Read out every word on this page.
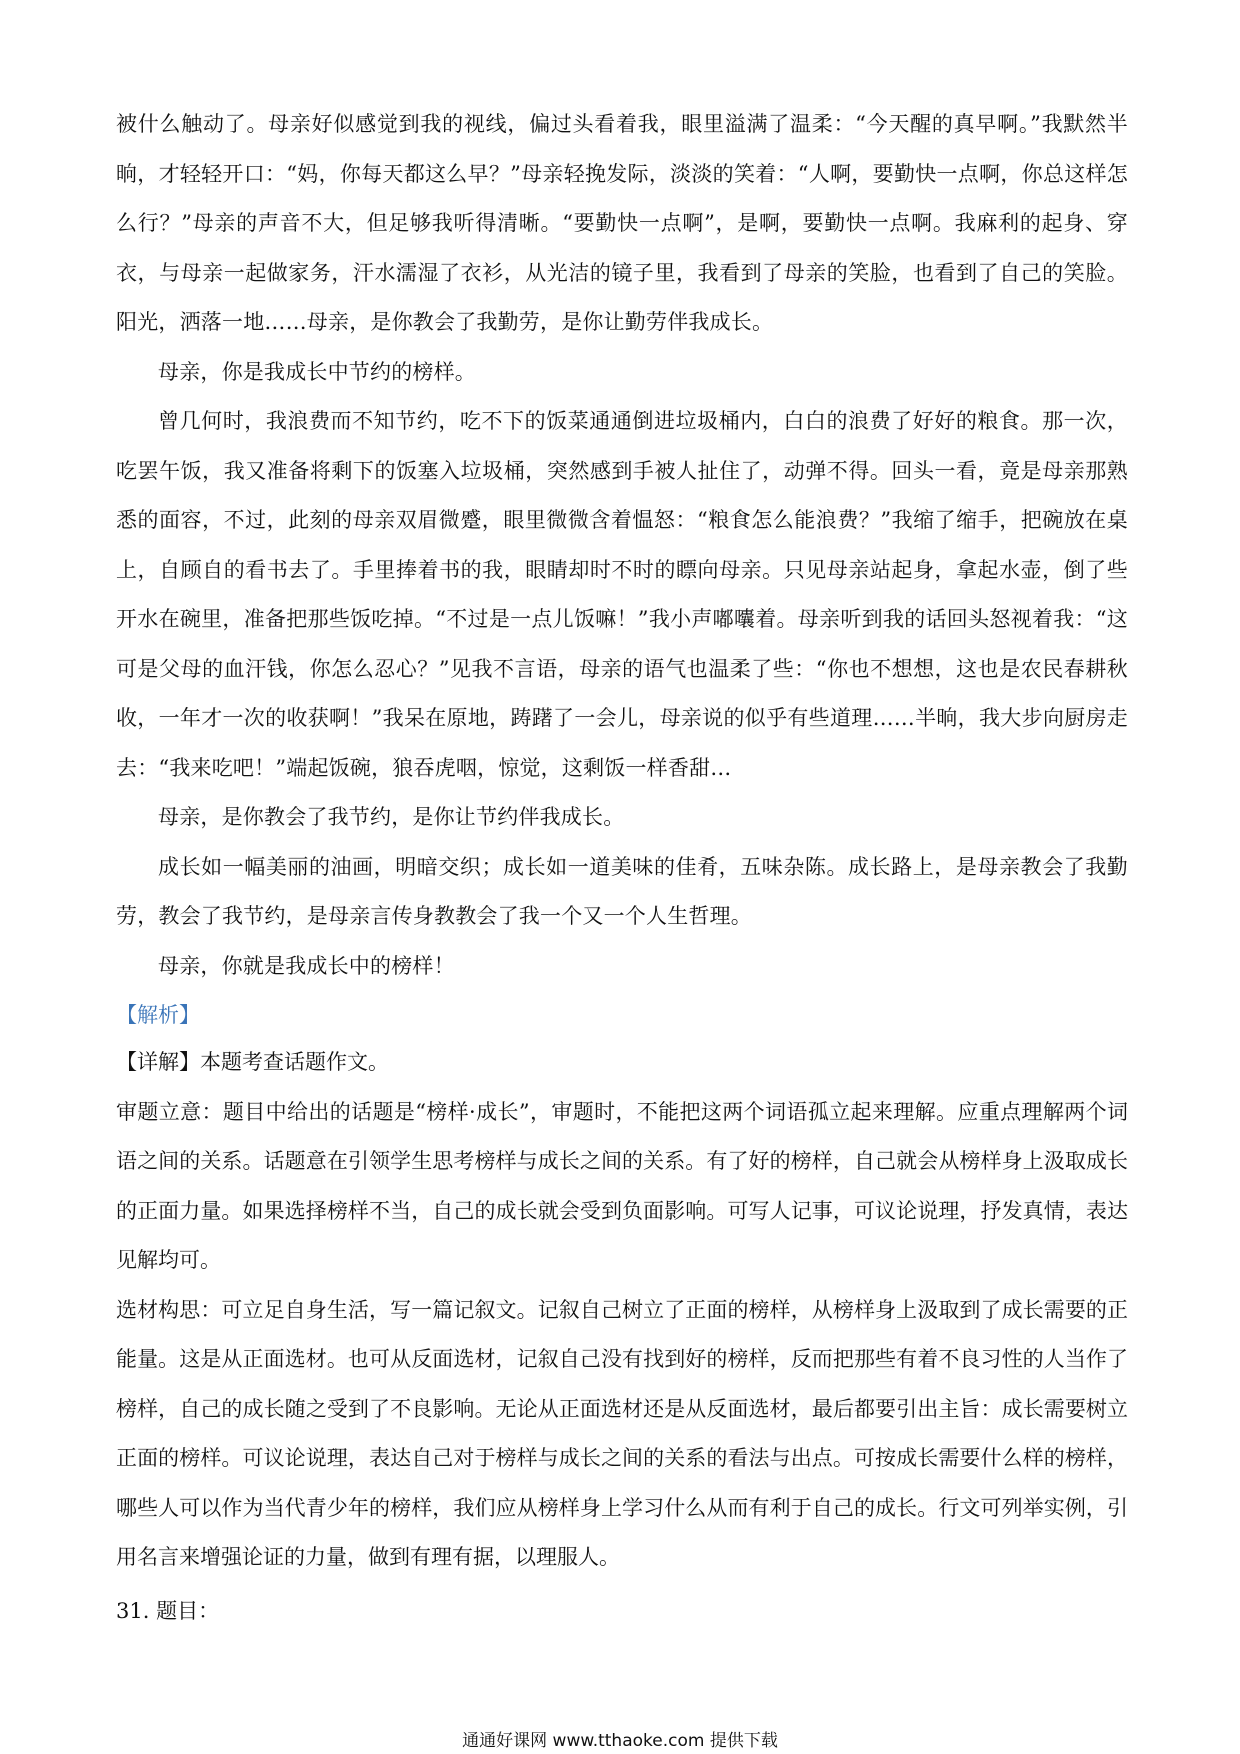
被什么触动了。母亲好似感觉到我的视线，偏过头看着我，眼里溢满了温柔：“今天醒的真早啊。”我默然半晌，才轻轻开口：“妈，你每天都这么早？”母亲轻挽发际，淡淡的笑着：“人啊，要勤快一点啊，你总这样怎么行？”母亲的声音不大，但足够我听得清晰。“要勤快一点啊”，是啊，要勤快一点啊。我麻利的起身、穿衣，与母亲一起做家务，汗水濡湿了衣衫，从光洁的镜子里，我看到了母亲的笑脸，也看到了自己的笑脸。阳光，洒落一地……母亲，是你教会了我勤劳，是你让勤劳伴我成长。

母亲，你是我成长中节约的榜样。

曾几何时，我浪费而不知节约，吃不下的饭菜通通倒进垃圾桶内，白白的浪费了好好的粮食。那一次，吃罢午饭，我又准备将剩下的饭塞入垃圾桶，突然感到手被人扯住了，动弹不得。回头一看，竟是母亲那熟悉的面容，不过，此刻的母亲双眉微蹙，眼里微微含着愠怒：“粮食怎么能浪费？”我缩了缩手，把碗放在桌上，自顾自的看书去了。手里捧着书的我，眼睛却时不时的瞟向母亲。只见母亲站起身，拿起水壶，倒了些开水在碗里，准备把那些饭吃掉。“不过是一点儿饭嘛！”我小声嘟囔着。母亲听到我的话回头怒视着我：“这可是父母的血汗钱，你怎么忍心？”见我不言语，母亲的语气也温柔了些：“你也不想想，这也是农民春耕秋收，一年才一次的收获啊！”我呆在原地，踌躇了一会儿，母亲说的似乎有些道理……半晌，我大步向厨房走去：“我来吃吧！”端起饭碗，狼吞虎咽，惊觉，这剩饭一样香甜…

母亲，是你教会了我节约，是你让节约伴我成长。

成长如一幅美丽的油画，明暗交织；成长如一道美味的佳肴，五味杂陈。成长路上，是母亲教会了我勤劳，教会了我节约，是母亲言传身教教会了我一个又一个人生哲理。

母亲，你就是我成长中的榜样！

【解析】

【详解】本题考查话题作文。

审题立意：题目中给出的话题是“榜样·成长”，审题时，不能把这两个词语孤立起来理解。应重点理解两个词语之间的关系。话题意在引领学生思考榜样与成长之间的关系。有了好的榜样，自己就会从榜样身上汲取成长的正面力量。如果选择榜样不当，自己的成长就会受到负面影响。可写人记事，可议论说理，抒发真情，表达见解均可。

选材构思：可立足自身生活，写一篇记叙文。记叙自己树立了正面的榜样，从榜样身上汲取到了成长需要的正能量。这是从正面选材。也可从反面选材，记叙自己没有找到好的榜样，反而把那些有着不良习性的人当作了榜样，自己的成长随之受到了不良影响。无论从正面选材还是从反面选材，最后都要引出主旨：成长需要树立正面的榜样。可议论说理，表达自己对于榜样与成长之间的关系的看法与出点。可按成长需要什么样的榜样，哪些人可以作为当代青少年的榜样，我们应从榜样身上学习什么从而有利于自己的成长。行文可列举实例，引用名言来增强论证的力量，做到有理有据，以理服人。

31. 题目：

通通好课网 www.tthaoke.com 提供下载
